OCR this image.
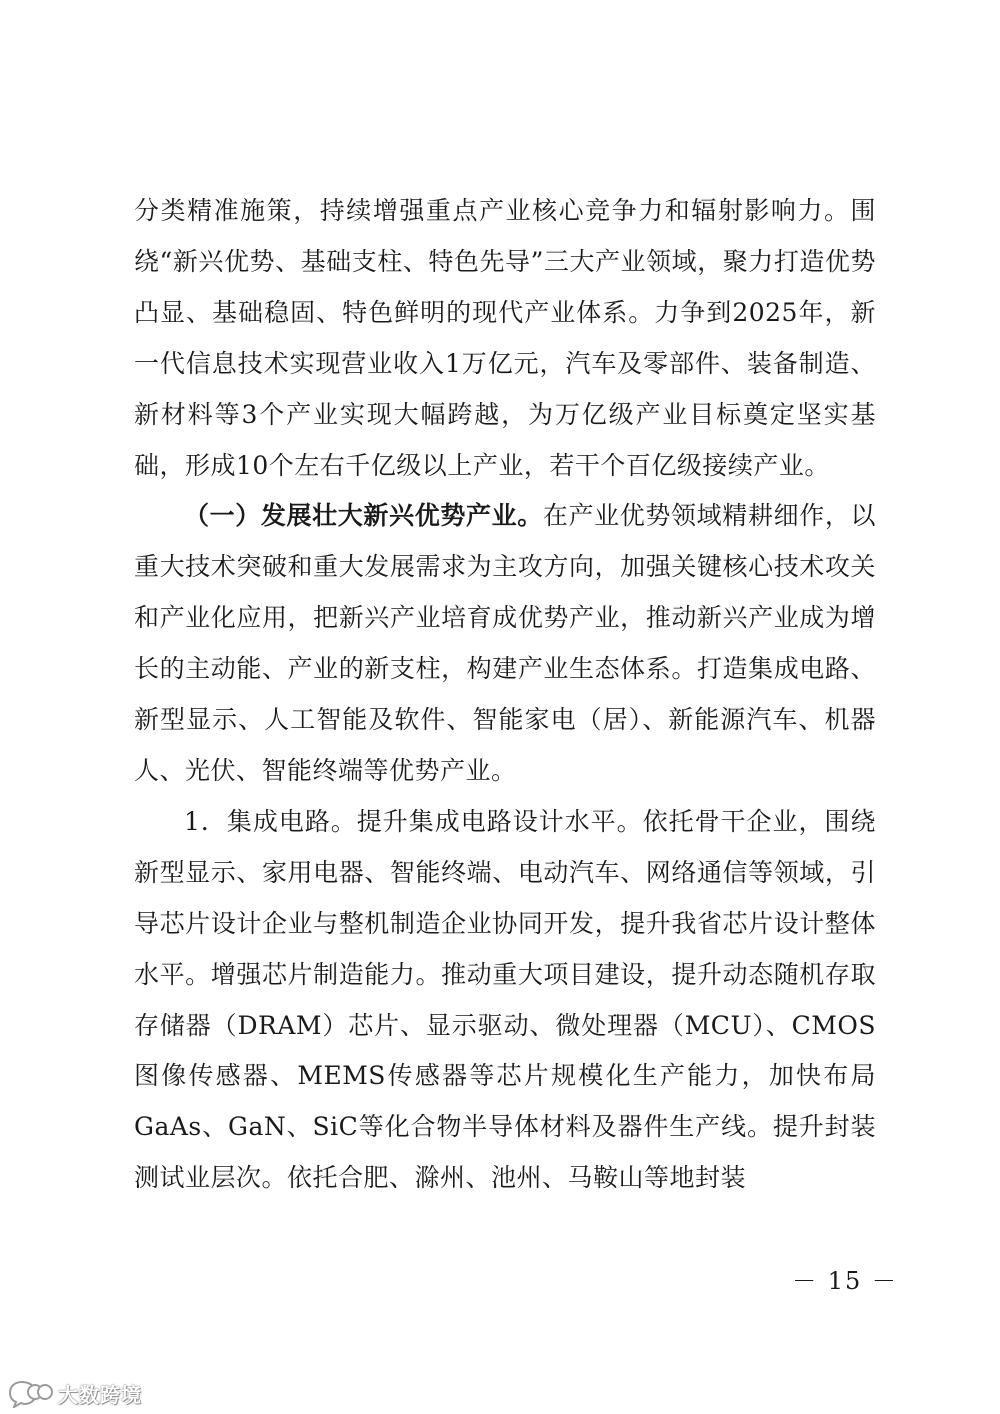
分类精准施策，持续增强重点产业核心竞争力和辐射影响力。围绕“新兴优势、基础支柱、特色先导”三大产业领域，聚力打造优势凸显、基础稳固、特色鲜明的现代产业体系。力争到2025年，新一代信息技术实现营业收入1万亿元，汽车及零部件、装备制造、新材料等3个产业实现大幅跨越，为万亿级产业目标奠定坚实基础，形成10个左右千亿级以上产业，若干个百亿级接续产业。

（一）发展壮大新兴优势产业。在产业优势领域精耕细作，以重大技术突破和重大发展需求为主攻方向，加强关键核心技术攻关和产业化应用，把新兴产业培育成优势产业，推动新兴产业成为增长的主动能、产业的新支柱，构建产业生态体系。打造集成电路、新型显示、人工智能及软件、智能家电（居）、新能源汽车、机器人、光伏、智能终端等优势产业。

1．集成电路。提升集成电路设计水平。依托骨干企业，围绕新型显示、家用电器、智能终端、电动汽车、网络通信等领域，引导芯片设计企业与整机制造企业协同开发，提升我省芯片设计整体水平。增强芯片制造能力。推动重大项目建设，提升动态随机存取存储器（DRAM）芯片、显示驱动、微处理器（MCU）、CMOS图像传感器、MEMS传感器等芯片规模化生产能力，加快布局GaAs、GaN、SiC等化合物半导体材料及器件生产线。提升封装测试业层次。依托合肥、滁州、池州、马鞍山等地封装

－ 15 －
大数跨境
